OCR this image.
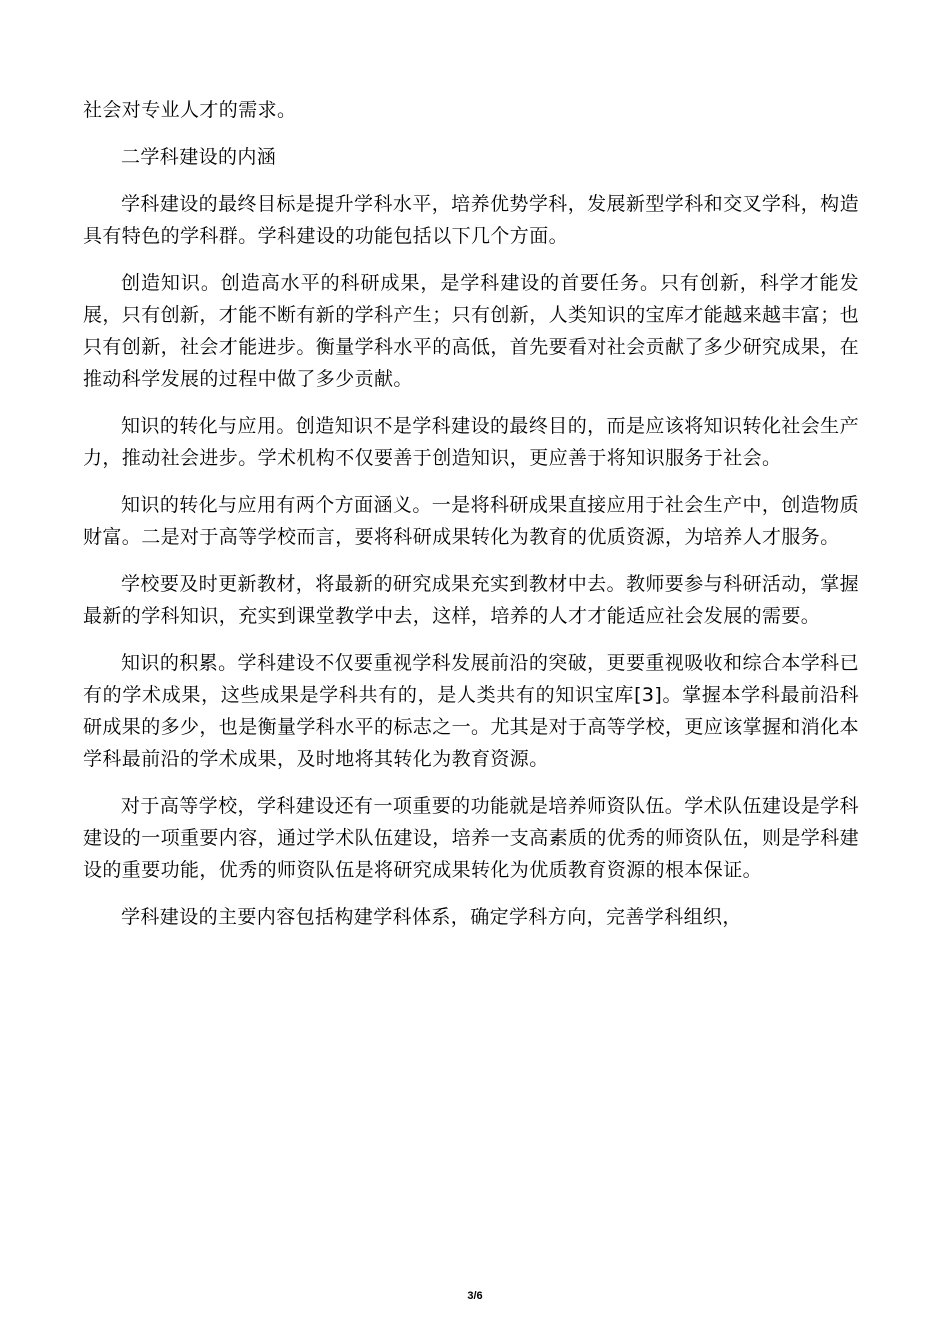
社会对专业人才的需求。

二学科建设的内涵

学科建设的最终目标是提升学科水平，培养优势学科，发展新型学科和交叉学科，构造具有特色的学科群。学科建设的功能包括以下几个方面。

创造知识。创造高水平的科研成果，是学科建设的首要任务。只有创新，科学才能发展，只有创新，才能不断有新的学科产生；只有创新，人类知识的宝库才能越来越丰富；也只有创新，社会才能进步。衡量学科水平的高低，首先要看对社会贡献了多少研究成果，在推动科学发展的过程中做了多少贡献。

知识的转化与应用。创造知识不是学科建设的最终目的，而是应该将知识转化社会生产力，推动社会进步。学术机构不仅要善于创造知识，更应善于将知识服务于社会。

知识的转化与应用有两个方面涵义。一是将科研成果直接应用于社会生产中，创造物质财富。二是对于高等学校而言，要将科研成果转化为教育的优质资源，为培养人才服务。

学校要及时更新教材，将最新的研究成果充实到教材中去。教师要参与科研活动，掌握最新的学科知识，充实到课堂教学中去，这样，培养的人才才能适应社会发展的需要。

知识的积累。学科建设不仅要重视学科发展前沿的突破，更要重视吸收和综合本学科已有的学术成果，这些成果是学科共有的，是人类共有的知识宝库[3]。掌握本学科最前沿科研成果的多少，也是衡量学科水平的标志之一。尤其是对于高等学校，更应该掌握和消化本学科最前沿的学术成果，及时地将其转化为教育资源。

对于高等学校，学科建设还有一项重要的功能就是培养师资队伍。学术队伍建设是学科建设的一项重要内容，通过学术队伍建设，培养一支高素质的优秀的师资队伍，则是学科建设的重要功能，优秀的师资队伍是将研究成果转化为优质教育资源的根本保证。

学科建设的主要内容包括构建学科体系，确定学科方向，完善学科组织，

3/6
